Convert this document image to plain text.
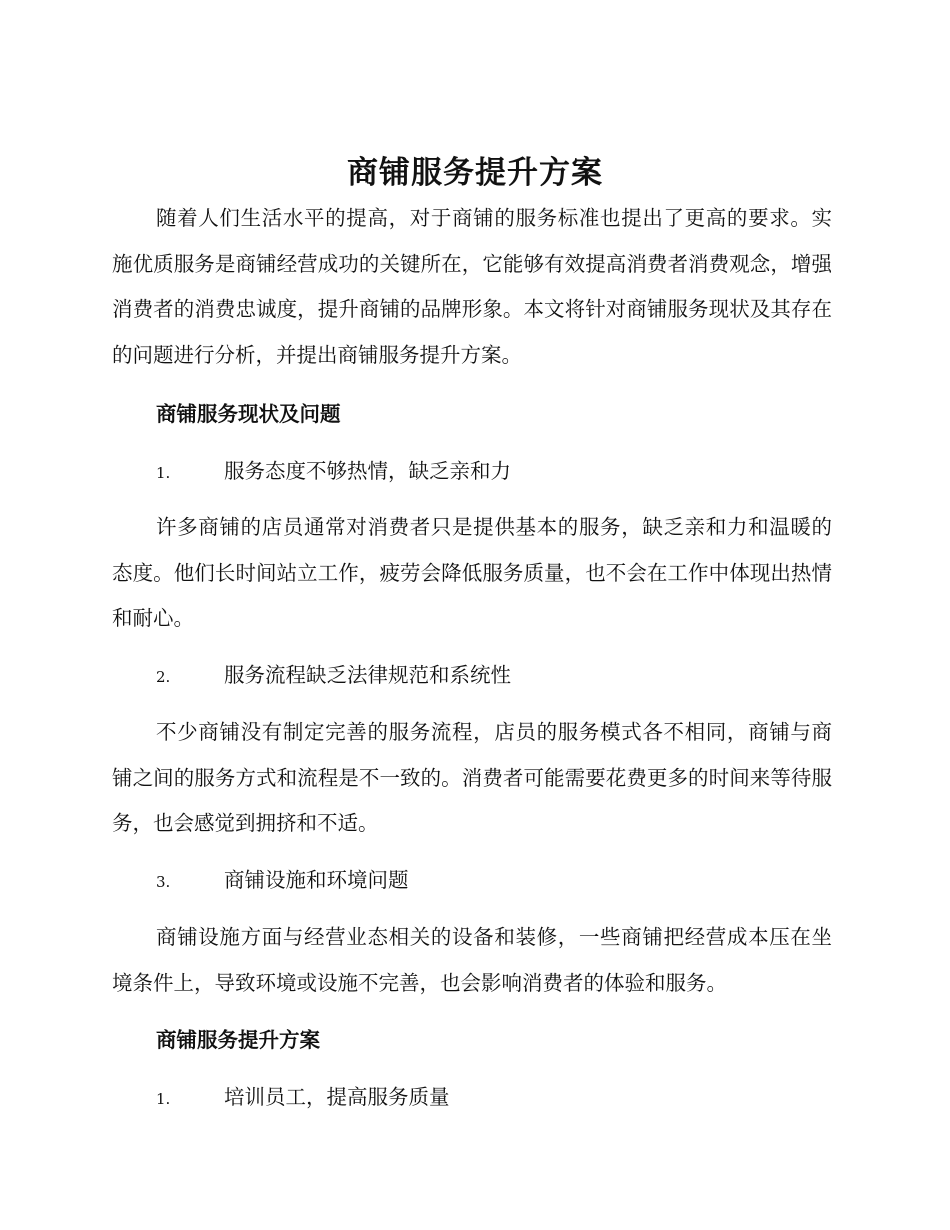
商铺服务提升方案

随着人们生活水平的提高，对于商铺的服务标准也提出了更高的要求。实施优质服务是商铺经营成功的关键所在，它能够有效提高消费者消费观念，增强消费者的消费忠诚度，提升商铺的品牌形象。本文将针对商铺服务现状及其存在的问题进行分析，并提出商铺服务提升方案。

商铺服务现状及问题
1.	服务态度不够热情，缺乏亲和力

许多商铺的店员通常对消费者只是提供基本的服务，缺乏亲和力和温暖的态度。他们长时间站立工作，疲劳会降低服务质量，也不会在工作中体现出热情和耐心。

2.	服务流程缺乏法律规范和系统性

不少商铺没有制定完善的服务流程，店员的服务模式各不相同，商铺与商铺之间的服务方式和流程是不一致的。消费者可能需要花费更多的时间来等待服务，也会感觉到拥挤和不适。

3.	商铺设施和环境问题

商铺设施方面与经营业态相关的设备和装修，一些商铺把经营成本压在坐境条件上，导致环境或设施不完善，也会影响消费者的体验和服务。

商铺服务提升方案
1.	培训员工，提高服务质量
